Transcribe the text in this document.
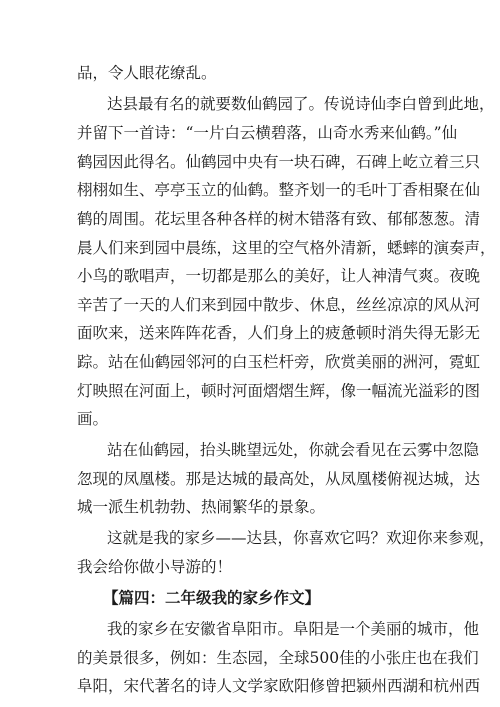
品，令人眼花缭乱。
达县最有名的就要数仙鹤园了。传说诗仙李白曾到此地，
并留下一首诗：“一片白云横碧落，山奇水秀来仙鹤。”仙
鹤园因此得名。仙鹤园中央有一块石碑，石碑上屹立着三只
栩栩如生、亭亭玉立的仙鹤。整齐划一的毛叶丁香相聚在仙
鹤的周围。花坛里各种各样的树木错落有致、郁郁葱葱。清
晨人们来到园中晨练，这里的空气格外清新，蟋蟀的演奏声，
小鸟的歌唱声，一切都是那么的美好，让人神清气爽。夜晚
辛苦了一天的人们来到园中散步、休息，丝丝凉凉的风从河
面吹来，送来阵阵花香，人们身上的疲惫顿时消失得无影无
踪。站在仙鹤园邻河的白玉栏杆旁，欣赏美丽的洲河，霓虹
灯映照在河面上，顿时河面熠熠生辉，像一幅流光溢彩的图
画。
站在仙鹤园，抬头眺望远处，你就会看见在云雾中忽隐
忽现的凤凰楼。那是达城的最高处，从凤凰楼俯视达城，达
城一派生机勃勃、热闹繁华的景象。
这就是我的家乡——达县，你喜欢它吗？欢迎你来参观，
我会给你做小导游的！
【篇四：二年级我的家乡作文】
我的家乡在安徽省阜阳市。阜阳是一个美丽的城市，他
的美景很多，例如：生态园，全球500佳的小张庄也在我们
阜阳，宋代著名的诗人文学家欧阳修曾把颍州西湖和杭州西
